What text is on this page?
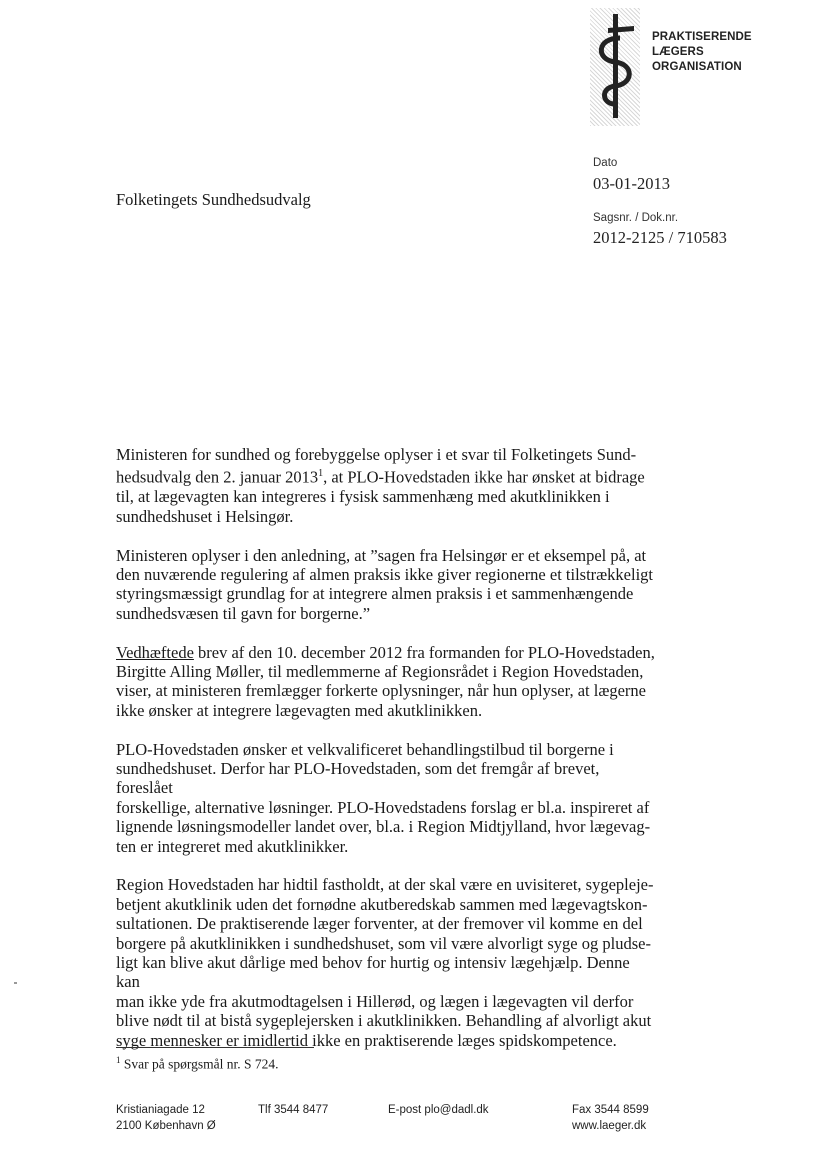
PRAKTISERENDE
LÆGERS
ORGANISATION
Dato
03-01-2013
Sagsnr. / Dok.nr.
2012-2125 / 710583
Folketingets Sundhedsudvalg

Ministeren for sundhed og forebyggelse oplyser i et svar til Folketingets Sund-
hedsudvalg den 2. januar 2013$^1$, at PLO-Hovedstaden ikke har ønsket at bidrage
til, at lægevagten kan integreres i fysisk sammenhæng med akutklinikken i
sundhedshuset i Helsingør.

Ministeren oplyser i den anledning, at ”sagen fra Helsingør er et eksempel på, at
den nuværende regulering af almen praksis ikke giver regionerne et tilstrækkeligt
styringsmæssigt grundlag for at integrere almen praksis i et sammenhængende
sundhedsvæsen til gavn for borgerne.”

Vedhæftede brev af den 10. december 2012 fra formanden for PLO-Hovedstaden,
Birgitte Alling Møller, til medlemmerne af Regionsrådet i Region Hovedstaden,
viser, at ministeren fremlægger forkerte oplysninger, når hun oplyser, at lægerne
ikke ønsker at integrere lægevagten med akutklinikken.

PLO-Hovedstaden ønsker et velkvalificeret behandlingstilbud til borgerne i
sundhedshuset. Derfor har PLO-Hovedstaden, som det fremgår af brevet, foreslået
forskellige, alternative løsninger. PLO-Hovedstadens forslag er bl.a. inspireret af
lignende løsningsmodeller landet over, bl.a. i Region Midtjylland, hvor lægevag-
ten er integreret med akutklinikker.

Region Hovedstaden har hidtil fastholdt, at der skal være en uvisiteret, sygepleje-
betjent akutklinik uden det fornødne akutberedskab sammen med lægevagtskon-
sultationen. De praktiserende læger forventer, at der fremover vil komme en del
borgere på akutklinikken i sundhedshuset, som vil være alvorligt syge og pludse-
ligt kan blive akut dårlige med behov for hurtig og intensiv lægehjælp. Denne kan
man ikke yde fra akutmodtagelsen i Hillerød, og lægen i lægevagten vil derfor
blive nødt til at bistå sygeplejersken i akutklinikken. Behandling af alvorligt akut
syge mennesker er imidlertid ikke en praktiserende læges spidskompetence.

$^1$ Svar på spørgsmål nr. S 724.
Kristianiagade 12
2100 København Ø
Tlf 3544 8477	E-post plo@dadl.dk	Fax 3544 8599
www.laeger.dk
